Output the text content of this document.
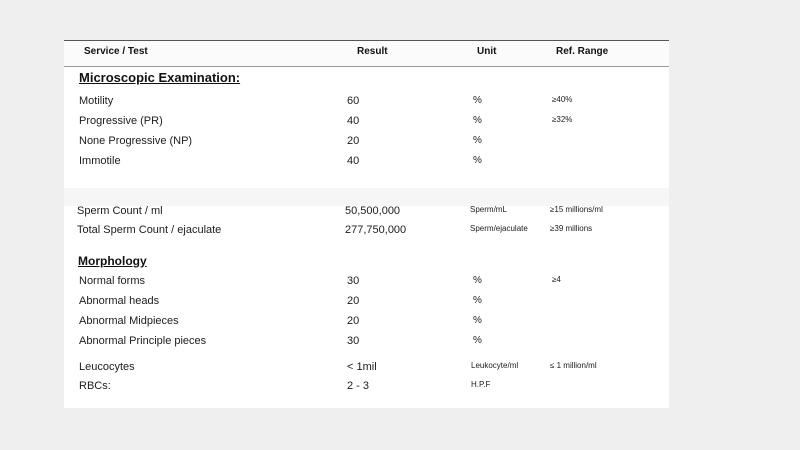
Service / Test	Result	Unit	Ref. Range
Microscopic Examination:
Motility	60	%	≥40%
Progressive (PR)	40	%	≥32%
None Progressive (NP)	20	%
Immotile	40	%
Sperm Count / ml	50,500,000	Sperm/mL	≥15 millions/ml
Total Sperm Count / ejaculate	277,750,000	Sperm/ejaculate	≥39 millions
Morphology
Normal forms	30	%	≥4
Abnormal heads	20	%
Abnormal Midpieces	20	%
Abnormal Principle pieces	30	%
Leucocytes	< 1mil	Leukocyte/ml	≤ 1 million/ml
RBCs:	2 - 3	H.P.F
